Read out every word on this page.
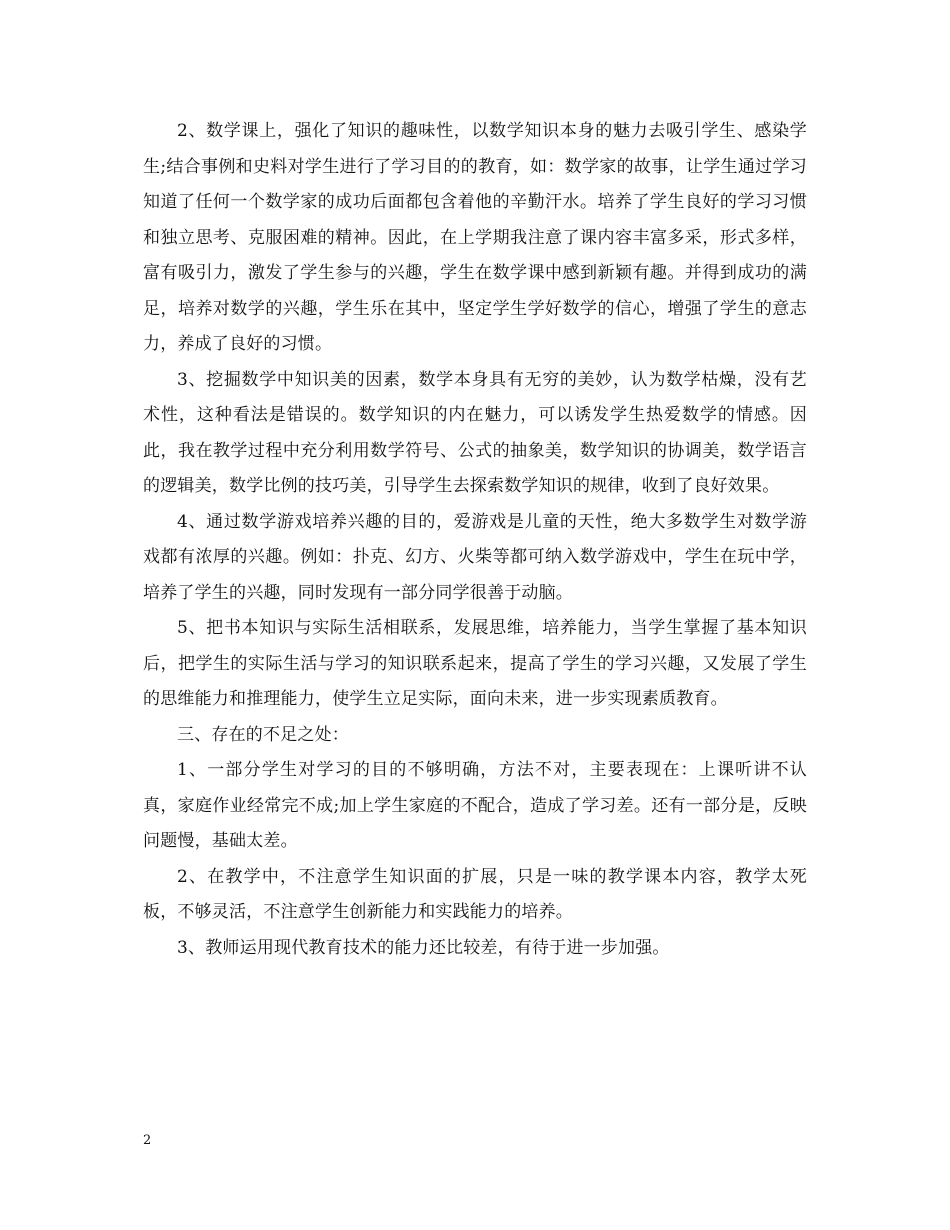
2、数学课上，强化了知识的趣味性，以数学知识本身的魅力去吸引学生、感染学生;结合事例和史料对学生进行了学习目的的教育，如：数学家的故事，让学生通过学习知道了任何一个数学家的成功后面都包含着他的辛勤汗水。培养了学生良好的学习习惯和独立思考、克服困难的精神。因此，在上学期我注意了课内容丰富多采，形式多样，富有吸引力，激发了学生参与的兴趣，学生在数学课中感到新颖有趣。并得到成功的满足，培养对数学的兴趣，学生乐在其中，坚定学生学好数学的信心，增强了学生的意志力，养成了良好的习惯。

3、挖掘数学中知识美的因素，数学本身具有无穷的美妙，认为数学枯燥，没有艺术性，这种看法是错误的。数学知识的内在魅力，可以诱发学生热爱数学的情感。因此，我在教学过程中充分利用数学符号、公式的抽象美，数学知识的协调美，数学语言的逻辑美，数学比例的技巧美，引导学生去探索数学知识的规律，收到了良好效果。

4、通过数学游戏培养兴趣的目的，爱游戏是儿童的天性，绝大多数学生对数学游戏都有浓厚的兴趣。例如：扑克、幻方、火柴等都可纳入数学游戏中，学生在玩中学，培养了学生的兴趣，同时发现有一部分同学很善于动脑。

5、把书本知识与实际生活相联系，发展思维，培养能力，当学生掌握了基本知识后，把学生的实际生活与学习的知识联系起来，提高了学生的学习兴趣，又发展了学生的思维能力和推理能力，使学生立足实际，面向未来，进一步实现素质教育。

三、存在的不足之处：

1、一部分学生对学习的目的不够明确，方法不对，主要表现在：上课听讲不认真，家庭作业经常完不成;加上学生家庭的不配合，造成了学习差。还有一部分是，反映问题慢，基础太差。

2、在教学中，不注意学生知识面的扩展，只是一味的教学课本内容，教学太死板，不够灵活，不注意学生创新能力和实践能力的培养。

3、教师运用现代教育技术的能力还比较差，有待于进一步加强。

2
